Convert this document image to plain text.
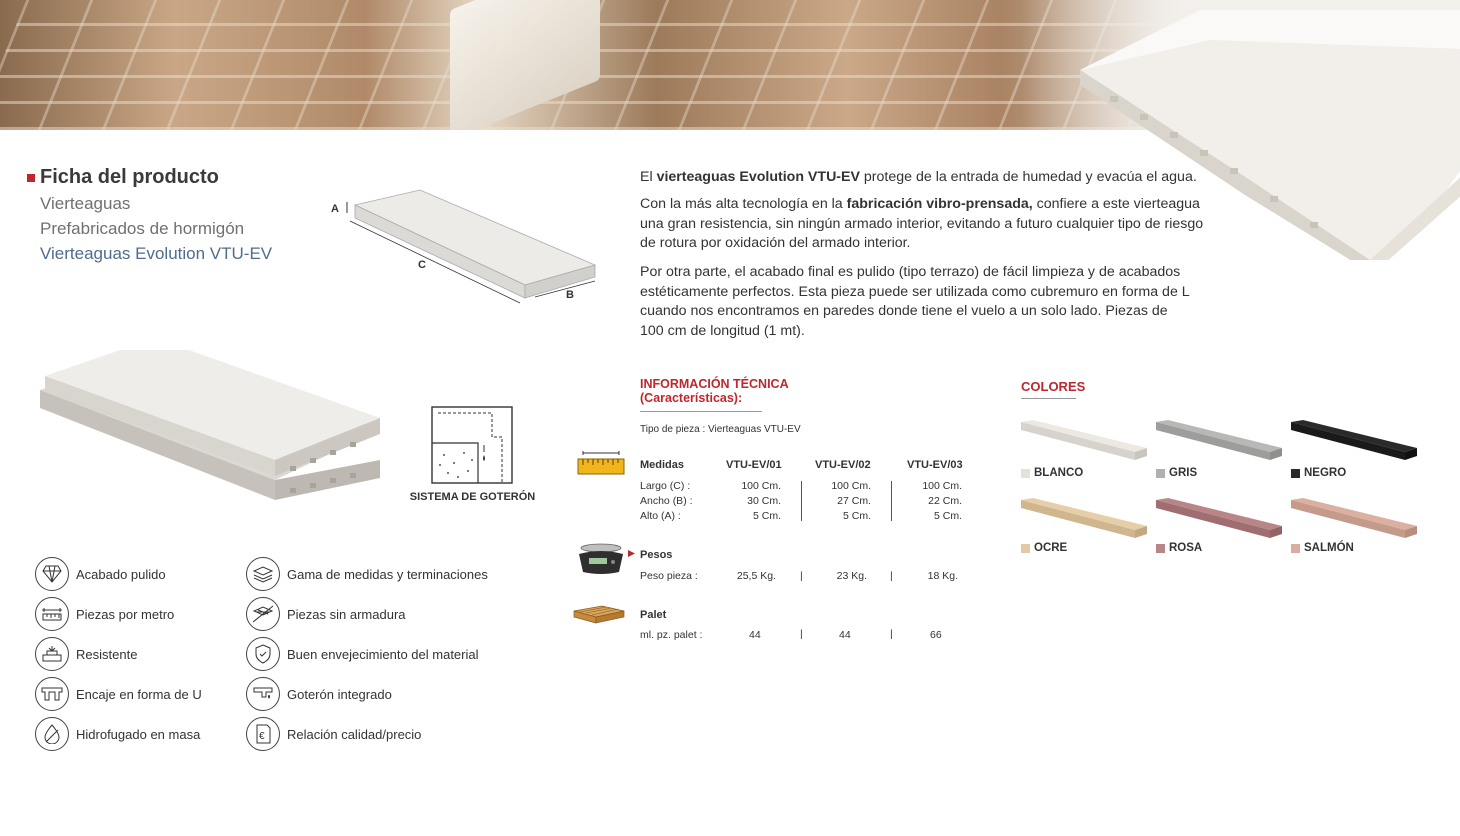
Ficha del producto
Vierteaguas
Prefabricados de hormigón
Vierteaguas Evolution VTU-EV
A
C
B
SISTEMA DE GOTERÓN
Acabado pulido
Piezas por metro
Resistente
Encaje en forma de U
Hidrofugado en masa
Gama de medidas y terminaciones
Piezas sin armadura
Buen envejecimiento del material
Goterón integrado
€ Relación calidad/precio
El vierteaguas Evolution VTU-EV protege de la entrada de humedad y evacúa el agua.
Con la más alta tecnología en la fabricación vibro-prensada, confiere a este vierteagua una gran resistencia, sin ningún armado interior, evitando a futuro cualquier tipo de riesgo de rotura por oxidación del armado interior.
Por otra parte, el acabado final es pulido (tipo terrazo) de fácil limpieza y de acabados estéticamente perfectos. Esta pieza puede ser utilizada como cubremuro en forma de L cuando nos encontramos en paredes donde tiene el vuelo a un solo lado. Piezas de 100 cm de longitud (1 mt).
INFORMACIÓN TÉCNICA
(Características):
Tipo de pieza : Vierteaguas VTU-EV
Medidas	VTU-EV/01	VTU-EV/02	VTU-EV/03
Largo (C) :	100 Cm.	100 Cm.	100 Cm.
Ancho (B) :	30 Cm.	27 Cm.	22 Cm.
Alto (A) :	5 Cm.	5 Cm.	5 Cm.
Pesos
Peso pieza :	25,5 Kg.	23 Kg.	18 Kg.
|	|
Palet
ml. pz. palet :	44	44	66
|	|
COLORES
BLANCO	GRIS	NEGRO
OCRE	ROSA	SALMÓN
